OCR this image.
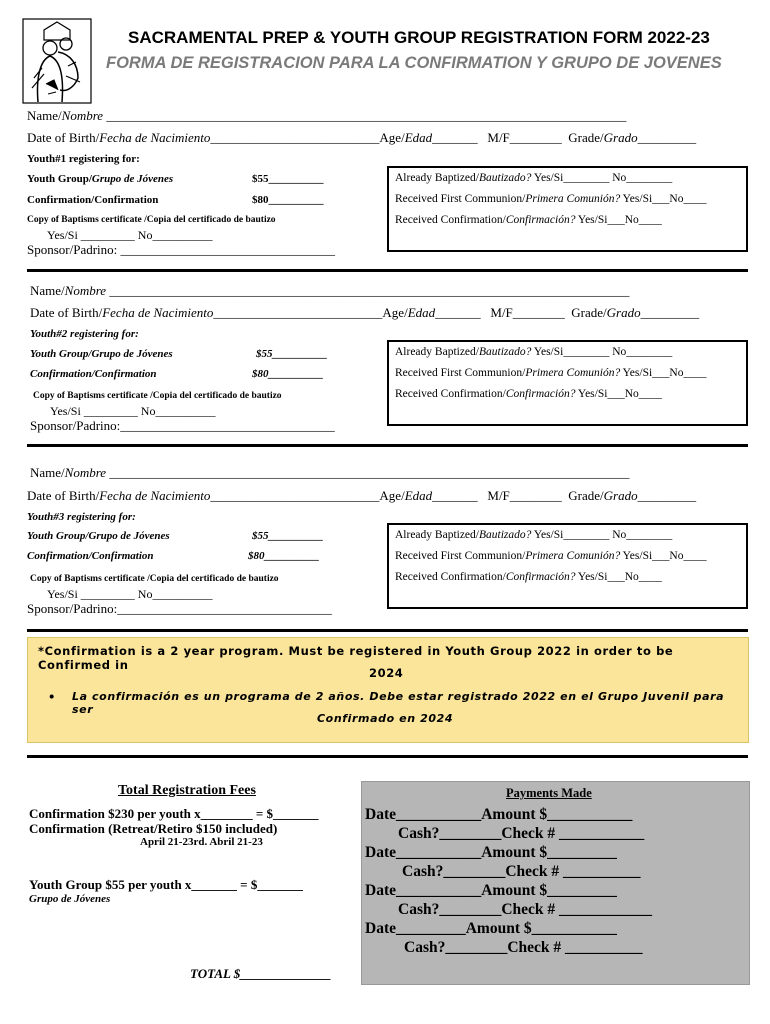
SACRAMENTAL PREP & YOUTH GROUP REGISTRATION FORM 2022-23
FORMA DE REGISTRACION PARA LA CONFIRMATION Y GRUPO DE JOVENES
Name/Nombre ________________________________________________________________________________
Date of Birth/Fecha de Nacimiento__________________________Age/Edad_______ M/F________ Grade/Grado_________
Youth#1 registering for:
Youth Group/Grupo de Jóvenes	$55__________
Confirmation/Confirmation	$80__________
Copy of Baptisms certificate /Copia del certificado de bautizo
Yes/Si _________ No__________
Sponsor/Padrino: _________________________________
Already Baptized/Bautizado? Yes/Si________ No________
Received First Communion/Primera Comunión? Yes/Si___No____
Received Confirmation/Confirmación? Yes/Si___No____
Name/Nombre ________________________________________________________________________________
Date of Birth/Fecha de Nacimiento__________________________Age/Edad_______ M/F________ Grade/Grado_________
Youth#2 registering for:
Youth Group/Grupo de Jóvenes	$55__________
Confirmation/Confirmation	$80__________
Copy of Baptisms certificate /Copia del certificado de bautizo
Yes/Si _________ No__________
Sponsor/Padrino:_________________________________
Already Baptized/Bautizado? Yes/Si________ No________
Received First Communion/Primera Comunión? Yes/Si___No____
Received Confirmation/Confirmación? Yes/Si___No____
Name/Nombre ________________________________________________________________________________
Date of Birth/Fecha de Nacimiento__________________________Age/Edad_______ M/F________ Grade/Grado_________
Youth#3 registering for:
Youth Group/Grupo de Jóvenes	$55__________
Confirmation/Confirmation	$80__________
Copy of Baptisms certificate /Copia del certificado de bautizo
Yes/Si _________ No__________
Sponsor/Padrino:_________________________________
Already Baptized/Bautizado? Yes/Si________ No________
Received First Communion/Primera Comunión? Yes/Si___No____
Received Confirmation/Confirmación? Yes/Si___No____
*Confirmation is a 2 year program. Must be registered in Youth Group 2022 in order to be Confirmed in
2024
• La confirmación es un programa de 2 años. Debe estar registrado 2022 en el Grupo Juvenil para ser
Confirmado en 2024
Total Registration Fees
Confirmation $230 per youth x________ = $_______
Confirmation (Retreat/Retiro $150 included)
April 21-23rd. Abril 21-23
Youth Group $55 per youth x_______ = $_______
Grupo de Jóvenes
TOTAL $______________
Payments Made
Date___________Amount $___________
Cash?________Check # ___________
Date___________Amount $_________
Cash?________Check # __________
Date___________Amount $_________
Cash?________Check # ____________
Date_________Amount $___________
Cash?________Check # __________
